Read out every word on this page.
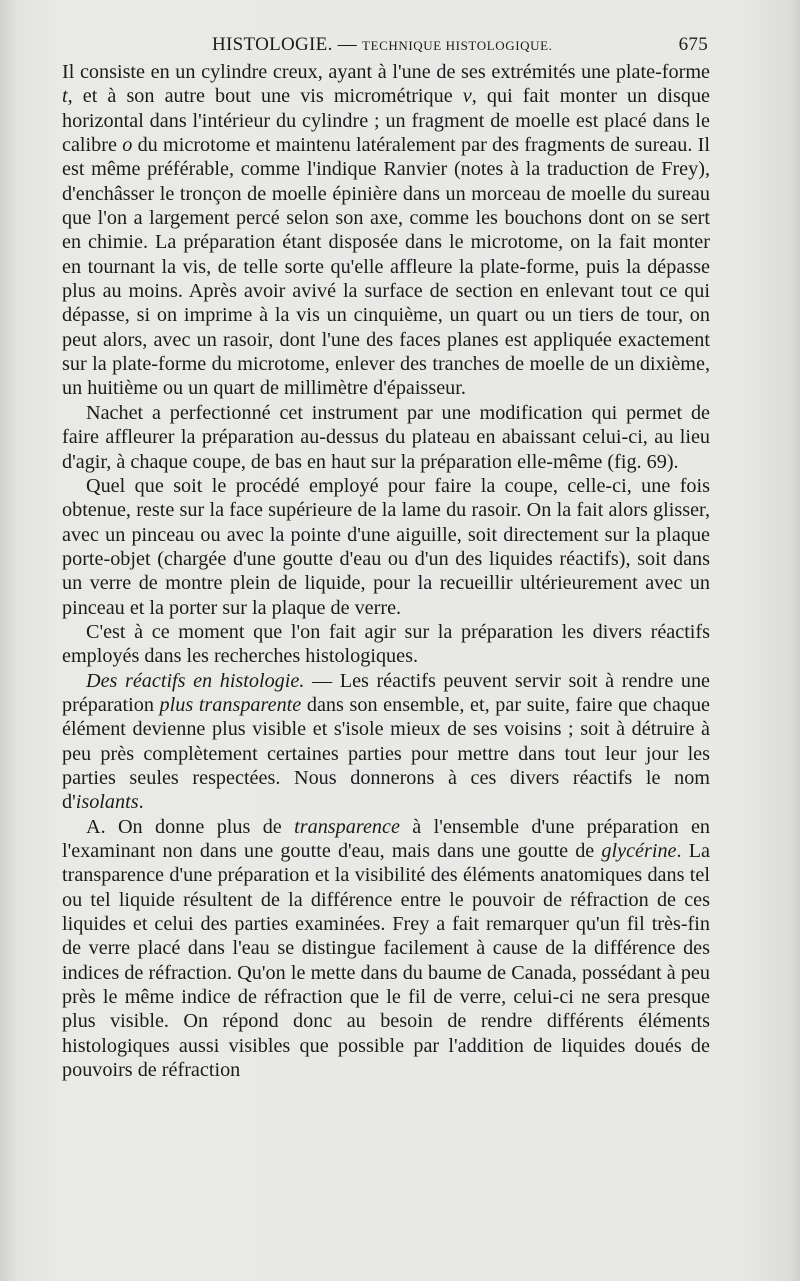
HISTOLOGIE. — TECHNIQUE HISTOLOGIQUE.	675

Il consiste en un cylindre creux, ayant à l'une de ses extrémités une plate-forme t, et à son autre bout une vis micrométrique v, qui fait monter un disque horizontal dans l'intérieur du cylindre ; un fragment de moelle est placé dans le calibre o du microtome et maintenu latéralement par des fragments de sureau. Il est même préférable, comme l'indique Ranvier (notes à la traduction de Frey), d'enchâsser le tronçon de moelle épinière dans un morceau de moelle du sureau que l'on a largement percé selon son axe, comme les bouchons dont on se sert en chimie. La préparation étant disposée dans le microtome, on la fait monter en tournant la vis, de telle sorte qu'elle affleure la plate-forme, puis la dépasse plus au moins. Après avoir avivé la surface de section en enlevant tout ce qui dépasse, si on imprime à la vis un cinquième, un quart ou un tiers de tour, on peut alors, avec un rasoir, dont l'une des faces planes est appliquée exactement sur la plate-forme du microtome, enlever des tranches de moelle de un dixième, un huitième ou un quart de millimètre d'épaisseur.

Nachet a perfectionné cet instrument par une modification qui permet de faire affleurer la préparation au-dessus du plateau en abaissant celui-ci, au lieu d'agir, à chaque coupe, de bas en haut sur la préparation elle-même (fig. 69).

Quel que soit le procédé employé pour faire la coupe, celle-ci, une fois obtenue, reste sur la face supérieure de la lame du rasoir. On la fait alors glisser, avec un pinceau ou avec la pointe d'une aiguille, soit directement sur la plaque porte-objet (chargée d'une goutte d'eau ou d'un des liquides réactifs), soit dans un verre de montre plein de liquide, pour la recueillir ultérieurement avec un pinceau et la porter sur la plaque de verre.

C'est à ce moment que l'on fait agir sur la préparation les divers réactifs employés dans les recherches histologiques.

Des réactifs en histologie. — Les réactifs peuvent servir soit à rendre une préparation plus transparente dans son ensemble, et, par suite, faire que chaque élément devienne plus visible et s'isole mieux de ses voisins ; soit à détruire à peu près complètement certaines parties pour mettre dans tout leur jour les parties seules respectées. Nous donnerons à ces divers réactifs le nom d'isolants.

A. On donne plus de transparence à l'ensemble d'une préparation en l'examinant non dans une goutte d'eau, mais dans une goutte de glycérine. La transparence d'une préparation et la visibilité des éléments anatomiques dans tel ou tel liquide résultent de la différence entre le pouvoir de réfraction de ces liquides et celui des parties examinées. Frey a fait remarquer qu'un fil très-fin de verre placé dans l'eau se distingue facilement à cause de la différence des indices de réfraction. Qu'on le mette dans du baume de Canada, possédant à peu près le même indice de réfraction que le fil de verre, celui-ci ne sera presque plus visible. On répond donc au besoin de rendre différents éléments histologiques aussi visibles que possible par l'addition de liquides doués de pouvoirs de réfraction
